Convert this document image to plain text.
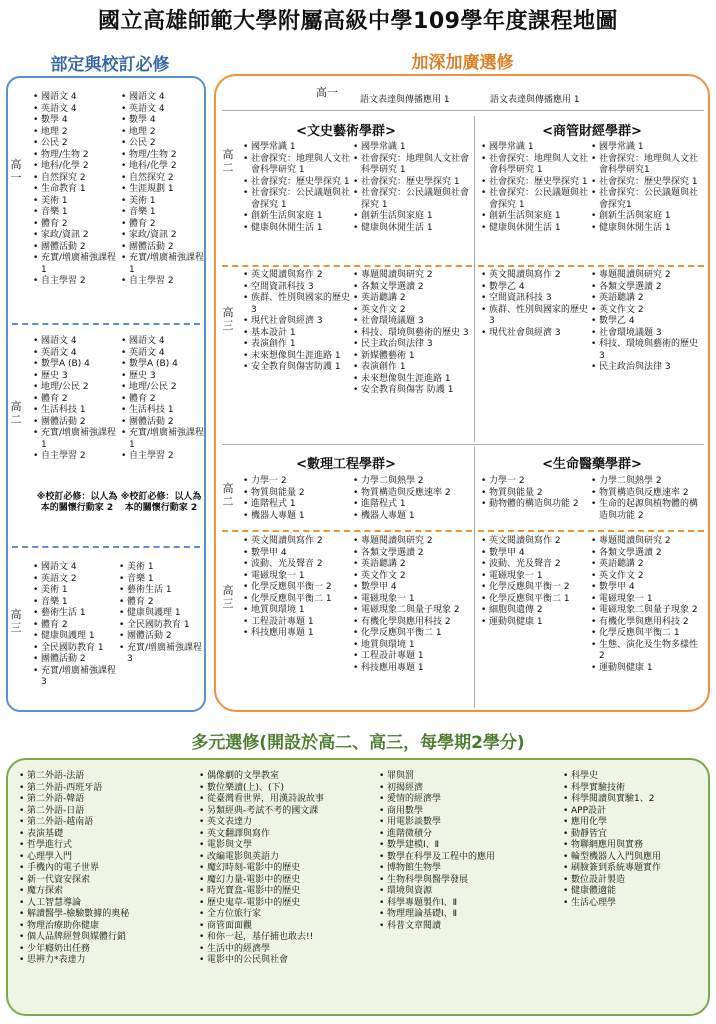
國立高雄師範大學附屬高級中學109學年度課程地圖
部定與校訂必修	加深加廣選修
高一
• 國語文 4
• 英語文 4
• 數學 4
• 地理 2
• 公民 2
• 物理/生物 2
• 地科/化學 2
• 自然探究 2
• 生命教育 1
• 美術 1
• 音樂 1
• 體育 2
• 家政/資訊 2
• 團體活動 2
• 充實/增廣補強課程 1
• 自主學習 2
• 國語文 4
• 英語文 4
• 數學 4
• 地理 2
• 公民 2
• 物理/生物 2
• 地科/化學 2
• 自然探究 2
• 生涯規劃 1
• 美術 1
• 音樂 1
• 體育 2
• 家政/資訊 2
• 團體活動 2
• 充實/增廣補強課程 1
• 自主學習 2
高二
• 國語文 4
• 英語文 4
• 數學A (B) 4
• 歷史 3
• 地理/公民 2
• 體育 2
• 生活科技 1
• 團體活動 2
• 充實/增廣補強課程 1
• 自主學習 2
• 國語文 4
• 英語文 4
• 數學A (B) 4
• 歷史 3
• 地理/公民 2
• 體育 2
• 生活科技 1
• 團體活動 2
• 充實/增廣補強課程 1
• 自主學習 2
※校訂必修：以人為本的關懷行動家 2
※校訂必修：以人為本的關懷行動家 2
高三
• 國語文 4
• 英語文 2
• 美術 1
• 音樂 1
• 藝術生活 1
• 體育 2
• 健康與護理 1
• 全民國防教育 1
• 團體活動 2
• 充實/增廣補強課程 3
• 美術 1
• 音樂 1
• 藝術生活 1
• 體育 2
• 健康與護理 1
• 全民國防教育 1
• 團體活動 2
• 充實/增廣補強課程 3
高一
語文表達與傳播應用 1	語文表達與傳播應用 1
<文史藝術學群>	<商管財經學群>
高二
• 國學常識 1
• 社會探究：地理與人文社會科學研究 1
• 社會探究：歷史學探究 1
• 社會探究：公民議題與社會探究 1
• 創新生活與家庭 1
• 健康與休閒生活 1
• 國學常識 1
• 社會探究：地理與人文社會科學研究 1
• 社會探究：歷史學探究 1
• 社會探究：公民議題與社會探究 1
• 創新生活與家庭 1
• 健康與休閒生活 1
高三
• 英文閱讀與寫作 2
• 空間資訊科技 3
• 族群、性別與國家的歷史 3
• 現代社會與經濟 3
• 基本設計 1
• 表演創作 1
• 未來想像與生涯進路 1
• 安全教育與傷害防護 1
• 專題閱讀與研究 2
• 各類文學選讀 2
• 英語聽講 2
• 英文作文 2
• 社會環境議題 3
• 科技、環境與藝術的歷史 3
• 民主政治與法律 3
• 新媒體藝術 1
• 表演創作 1
• 未來想像與生涯進路 1
• 安全教育與傷害 防護 1
• 國學常識 1
• 社會探究：地理與人文社會科學研究 1
• 社會探究：歷史學探究 1
• 社會探究：公民議題與社會探究 1
• 創新生活與家庭 1
• 健康與休閒生活 1
• 國學常識 1
• 社會探究：地理與人文社會科學研究1
• 社會探究：歷史學探究 1
• 社會探究：公民議題與社會探究1
• 創新生活與家庭 1
• 健康與休閒生活 1
• 英文閱讀與寫作 2
• 數學乙 4
• 空間資訊科技 3
• 族群、性別與國家的歷史 3
• 現代社會與經濟 3
• 專題閱讀與研究 2
• 各類文學選讀 2
• 英語聽講 2
• 英文作文 2
• 數學乙 4
• 社會環境議題 3
• 科技、環境與藝術的歷史 3
• 民主政治與法律 3
<數理工程學群>	<生命醫藥學群>
高二
• 力學一 2
• 物質與能量 2
• 進階程式 1
• 機器人專題 1
• 力學二與熱學 2
• 物質構造與反應速率 2
• 進階程式 1
• 機器人專題 1
高三
• 英文閱讀與寫作 2
• 數學甲 4
• 波動、光及聲音 2
• 電磁現象一 1
• 化學反應與平衡一 2
• 化學反應與平衡二 1
• 地質與環境 1
• 工程設計專題 1
• 科技應用專題 1
• 專題閱讀與研究 2
• 各類文學選讀 2
• 英語聽講 2
• 英文作文 2
• 數學甲 4
• 電磁現象一 1
• 電磁現象二與量子現象 2
• 有機化學與應用科技 2
• 化學反應與平衡二 1
• 地質與環境 1
• 工程設計專題 1
• 科技應用專題 1
• 力學一 2
• 物質與能量 2
• 動物體的構造與功能 2
• 力學二與熱學 2
• 物質構造與反應速率 2
• 生命的起源與植物體的構造與功能 2
• 英文閱讀與寫作 2
• 數學甲 4
• 波動、光及聲音 2
• 電磁現象一 1
• 化學反應與平衡一 2
• 化學反應與平衡二 1
• 細胞與遺傳 2
• 運動與健康 1
• 專題閱讀與研究 2
• 各類文學選讀 2
• 英語聽講 2
• 英文作文 2
• 數學甲 4
• 電磁現象一 1
• 電磁現象二與量子現象 2
• 有機化學與應用科技 2
• 化學反應與平衡二 1
• 生態、演化及生物多樣性 2
• 運動與健康 1
多元選修(開設於高二、高三，每學期2學分)
• 第二外語-法語
• 第二外語-西班牙語
• 第二外語-韓語
• 第二外語-日語
• 第二外語-越南語
• 表演基礎
• 哲學進行式
• 心理學入門
• 手機內的電子世界
• 新一代資安探索
• 魔方探索
• 人工智慧導論
• 解讀醫學-檢驗數據的奧秘
• 物理治療助你健康
• 個人品牌經營與媒體行銷
• 少年癮奶出任務
• 思辨力*表達力
• 偶像劇的文學教室
• 數位樂讀(上)、(下)
• 從臺灣看世界，用漢詩說故事
• 另類經典-考試不考的國文課
• 英文表達力
• 英文翻譯與寫作
• 電影與文學
• 改編電影與英語力
• 魔幻時刻-電影中的歷史
• 魔幻力量-電影中的歷史
• 時光寶盒-電影中的歷史
• 歷史鬼草-電影中的歷史
• 全方位旅行家
• 商管面面觀
• 和你一起，基仔捕也敢去!!
• 生活中的經濟學
• 電影中的公民與社會
• 罪與罰
• 初揭經濟
• 愛情的經濟學
• 商用數學
• 用電影談數學
• 進階微積分
• 數學建模Ⅰ、Ⅱ
• 數學在科學及工程中的應用
• 博物館生物學
• 生物科學與醫學發展
• 環境與資源
• 科學專題製作Ⅰ、Ⅱ
• 物理理論基礎Ⅰ、Ⅱ
• 科普文章閱讀
• 科學史
• 科學實驗技術
• 科學閱讀與實驗1、2
• APP設計
• 應用化學
• 動靜皆宜
• 物聯網應用與實務
• 輪型機器人入門與應用
• 刷臉簽到系統專題實作
• 數位設計製造
• 健康體適能
• 生活心理學
